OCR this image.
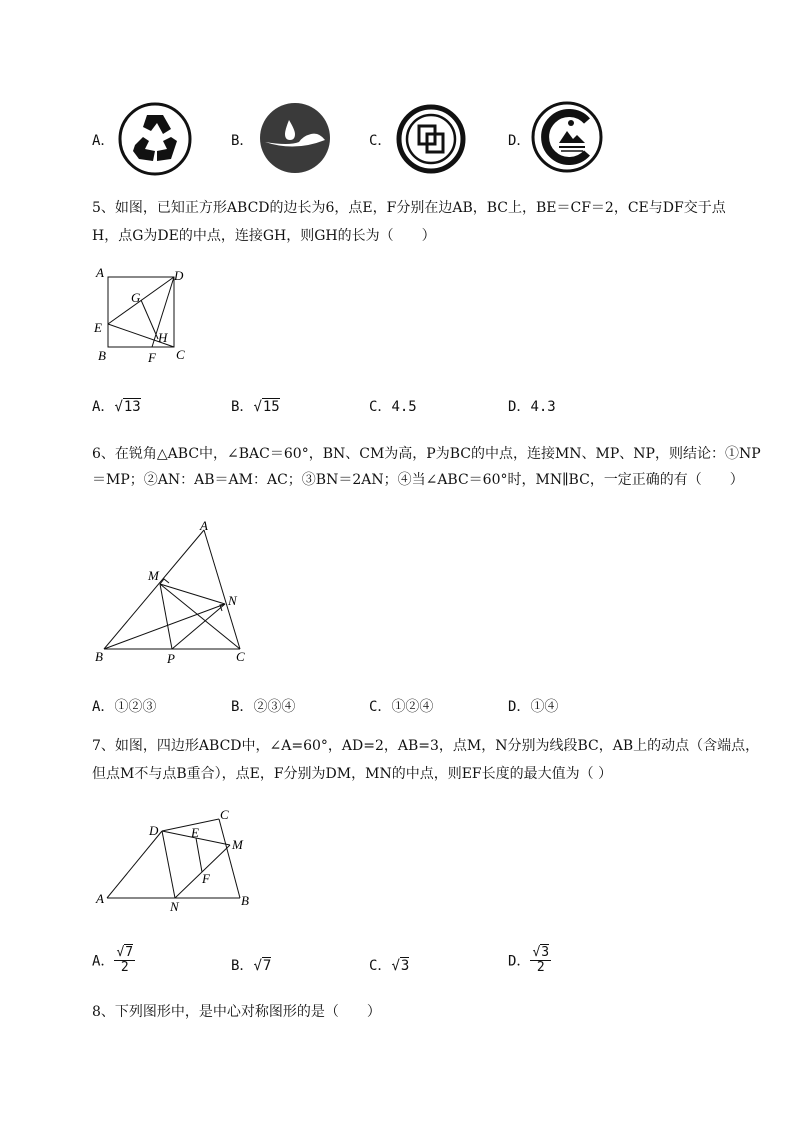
A．	B．	C．	D．
5、如图，已知正方形ABCD的边长为6，点E，F分别在边AB，BC上，BE＝CF＝2，CE与DF交于点
H，点G为DE的中点，连接GH，则GH的长为（　　）
A	D
G
E
H
B	F C
A．√13	B．√15	C．4.5	D．4.3
6、在锐角△ABC中，∠BAC＝60°，BN、CM为高，P为BC的中点，连接MN、MP、NP，则结论：①NP
＝MP；②AN：AB＝AM：AC；③BN＝2AN；④当∠ABC＝60°时，MN∥BC，一定正确的有（　　）
A
M
N
B	P	C
A．①②③	B．②③④	C．①②④	D．①④
7、如图，四边形ABCD中，∠A=60°，AD=2，AB=3，点M，N分别为线段BC，AB上的动点（含端点，
但点M不与点B重合），点E，F分别为DM，MN的中点，则EF长度的最大值为（ ）
C
D	E
M
F
A
N	B
A． $\frac{√7}{2}$	B．√7	C．√3	D． $\frac{√3}{2}$
8、下列图形中，是中心对称图形的是（　　）
